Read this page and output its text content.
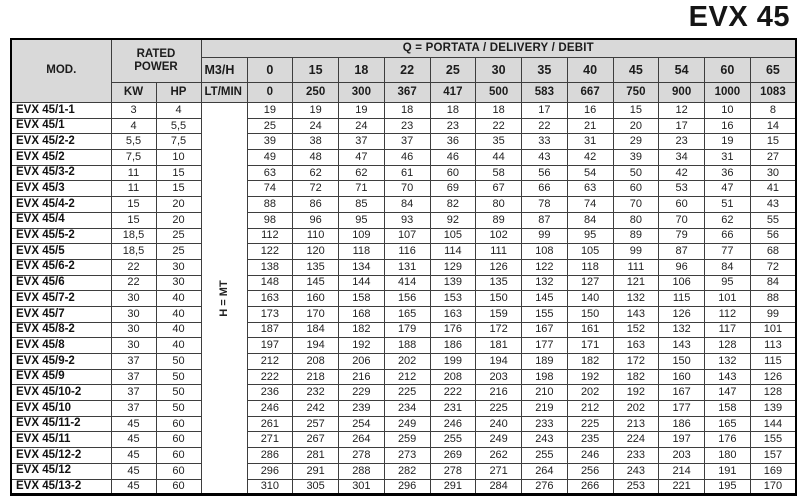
EVX 45
MOD.	RATED POWER		Q = PORTATA / DELIVERY / DEBIT												
			M3/H	0	15	18	22	25	30	35	40	45	54	60	65
	KW	HP	LT/MIN	0	250	300	367	417	500	583	667	750	900	1000	1083
EVX 45/1-1	3	4	H = MT	19	19	19	18	18	18	17	16	15	12	10	8
EVX 45/1	4	5,5		25	24	24	23	23	22	22	21	20	17	16	14
EVX 45/2-2	5,5	7,5		39	38	37	37	36	35	33	31	29	23	19	15
EVX 45/2	7,5	10		49	48	47	46	46	44	43	42	39	34	31	27
EVX 45/3-2	11	15		63	62	62	61	60	58	56	54	50	42	36	30
EVX 45/3	11	15		74	72	71	70	69	67	66	63	60	53	47	41
EVX 45/4-2	15	20		88	86	85	84	82	80	78	74	70	60	51	43
EVX 45/4	15	20		98	96	95	93	92	89	87	84	80	70	62	55
EVX 45/5-2	18,5	25		112	110	109	107	105	102	99	95	89	79	66	56
EVX 45/5	18,5	25		122	120	118	116	114	111	108	105	99	87	77	68
EVX 45/6-2	22	30		138	135	134	131	129	126	122	118	111	96	84	72
EVX 45/6	22	30		148	145	144	414	139	135	132	127	121	106	95	84
EVX 45/7-2	30	40		163	160	158	156	153	150	145	140	132	115	101	88
EVX 45/7	30	40		173	170	168	165	163	159	155	150	143	126	112	99
EVX 45/8-2	30	40		187	184	182	179	176	172	167	161	152	132	117	101
EVX 45/8	30	40		197	194	192	188	186	181	177	171	163	143	128	113
EVX 45/9-2	37	50		212	208	206	202	199	194	189	182	172	150	132	115
EVX 45/9	37	50		222	218	216	212	208	203	198	192	182	160	143	126
EVX 45/10-2	37	50		236	232	229	225	222	216	210	202	192	167	147	128
EVX 45/10	37	50		246	242	239	234	231	225	219	212	202	177	158	139
EVX 45/11-2	45	60		261	257	254	249	246	240	233	225	213	186	165	144
EVX 45/11	45	60		271	267	264	259	255	249	243	235	224	197	176	155
EVX 45/12-2	45	60		286	281	278	273	269	262	255	246	233	203	180	157
EVX 45/12	45	60		296	291	288	282	278	271	264	256	243	214	191	169
EVX 45/13-2	45	60		310	305	301	296	291	284	276	266	253	221	195	170
